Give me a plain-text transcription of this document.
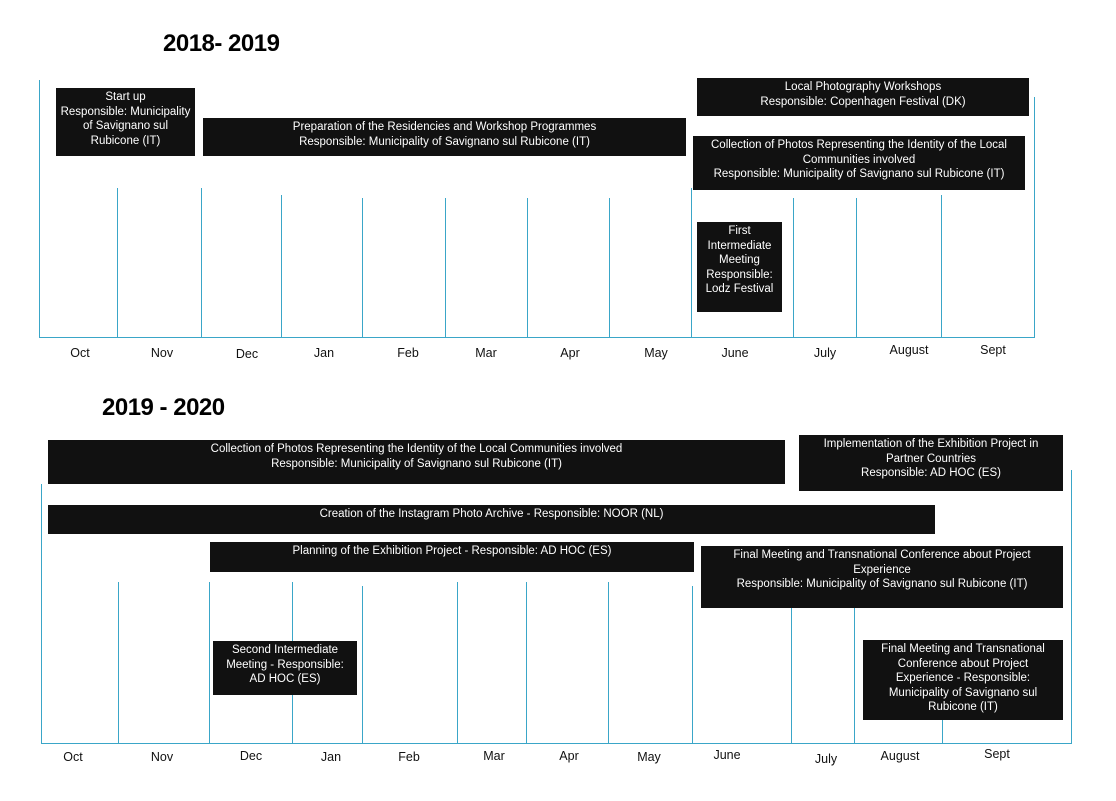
2018- 2019
Start up
Responsible: Municipality
of Savignano sul
Rubicone (IT)
Preparation of the Residencies and Workshop Programmes
Responsible: Municipality of Savignano sul Rubicone (IT)
Local Photography Workshops
Responsible: Copenhagen Festival (DK)
Collection of Photos Representing the Identity of the Local
Communities involved
Responsible: Municipality of Savignano sul Rubicone (IT)
First
Intermediate
Meeting
Responsible:
Lodz Festival
Oct	Nov	Dec	Jan	Feb	Mar	Apr	May	June	July	August	Sept
2019 - 2020
Collection of Photos Representing the Identity of the Local Communities involved
Responsible: Municipality of Savignano sul Rubicone (IT)
Implementation of the Exhibition Project in
Partner Countries
Responsible: AD HOC (ES)
Creation of the Instagram Photo Archive - Responsible: NOOR (NL)
Planning of the Exhibition Project - Responsible: AD HOC (ES)	Final Meeting and Transnational Conference about Project
Experience
Responsible: Municipality of Savignano sul Rubicone (IT)
Second Intermediate
Meeting - Responsible:
AD HOC (ES)
Final Meeting and Transnational
Conference about Project
Experience - Responsible:
Municipality of Savignano sul
Rubicone (IT)
Oct	Nov	Dec	Jan	Feb	Mar	Apr	May	June	July	August	Sept
